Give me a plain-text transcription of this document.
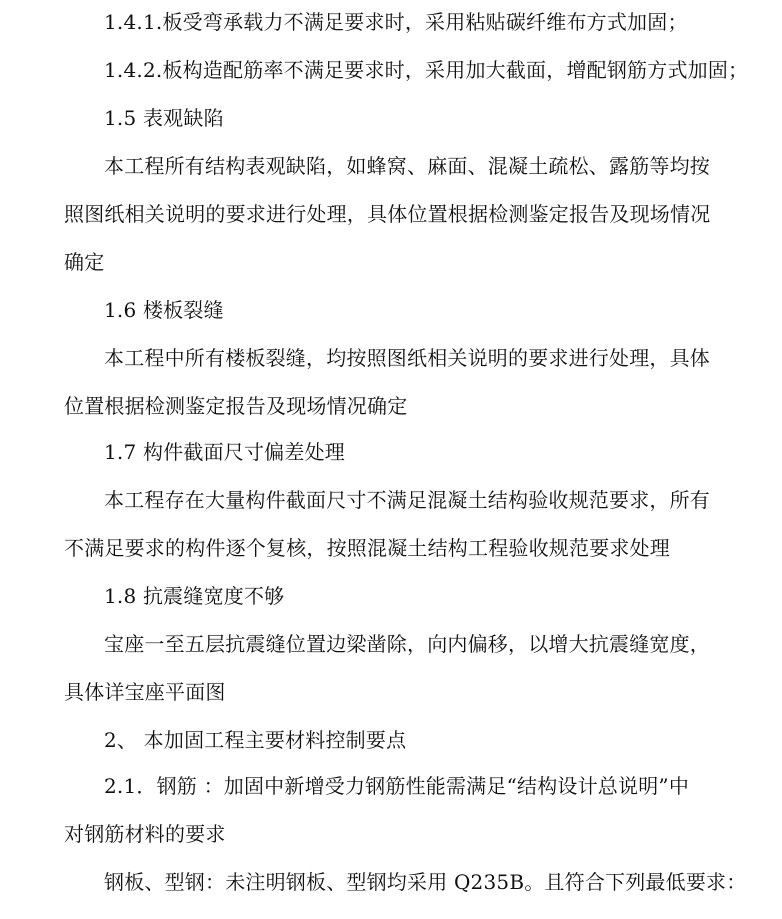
1.4.1.板受弯承载力不满足要求时，采用粘贴碳纤维布方式加固；
1.4.2.板构造配筋率不满足要求时，采用加大截面，增配钢筋方式加固；
1.5 表观缺陷
本工程所有结构表观缺陷，如蜂窝、麻面、混凝土疏松、露筋等均按
照图纸相关说明的要求进行处理，具体位置根据检测鉴定报告及现场情况
确定
1.6 楼板裂缝
本工程中所有楼板裂缝，均按照图纸相关说明的要求进行处理，具体
位置根据检测鉴定报告及现场情况确定
1.7 构件截面尺寸偏差处理
本工程存在大量构件截面尺寸不满足混凝土结构验收规范要求，所有
不满足要求的构件逐个复核，按照混凝土结构工程验收规范要求处理
1.8 抗震缝宽度不够
宝座一至五层抗震缝位置边梁凿除，向内偏移，以增大抗震缝宽度，
具体详宝座平面图
2、 本加固工程主要材料控制要点
2.1．钢筋 ：加固中新增受力钢筋性能需满足“结构设计总说明”中
对钢筋材料的要求
钢板、型钢：未注明钢板、型钢均采用 Q235B。且符合下列最低要求：
